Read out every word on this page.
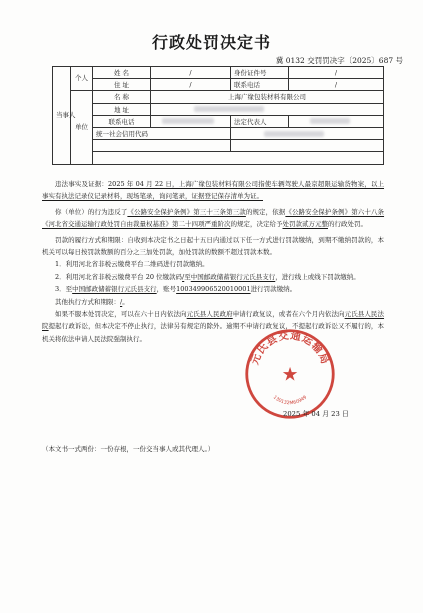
行政处罚决定书
冀 0132 交罚罚决字〔2025〕687 号
当事人	个人	姓 名	/	身份证件号	/
		住 址	/	联系电话	/
	单位	名 称	上海广缘包装材料有限公司		
		地 址			
		联系电话		法定代表人	
		统一社会信用代码			

违法事实及证据：2025 年 04 月 22 日，上海广缘包装材料有限公司指使车辆驾驶人最京超限运输货物案，以上事实有执法记录仪记录材料，现场笔录，询问笔录，证据登记保存清单为证。

你（单位）的行为违反了《公路安全保护条例》第三十三条第三款的规定，依据《公路安全保护条例》第六十八条《河北省交通运输行政处罚自由裁量权基准》第二十四项严重阶次的规定，决定给予处罚款贰万元整的行政处罚。

罚款的履行方式和期限：自收到本决定书之日起十五日内通过以下任一方式进行罚款缴纳，到期不缴纳罚款的，本机关可以每日按罚款数额的百分之三加处罚款，加处罚款的数额不超过罚款本数。

1．利用河北省非税云缴费平台二维码进行罚款缴纳。

2．利用河北省非税云缴费平台 20 位缴款码/至中国邮政储蓄银行元氏县支行，进行线上或线下罚款缴纳。

3．至中国邮政储蓄银行元氏县支行，账号100349906520010001进行罚款缴纳。

其他执行方式和期限：/。

如果不服本处罚决定，可以在六十日内依法向元氏县人民政府申请行政复议，或者在六个月内依法向元氏县人民法院提起行政诉讼，但本决定不停止执行，法律另有规定的除外。逾期不申请行政复议，不提起行政诉讼又不履行的，本机关将依法申请人民法院强制执行。

元氏县交通运输局
★
130132M60949
2025 年 04 月 23 日
（本文书一式两份：一份存根，一份交当事人或其代理人。）
